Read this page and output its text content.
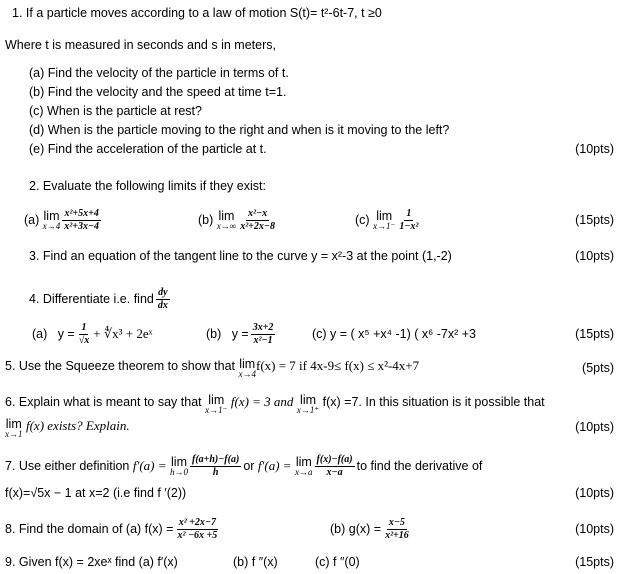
1. If a particle moves according to a law of motion S(t)= t²-6t-7, t ≥0
Where t is measured in seconds and s in meters,
(a) Find the velocity of the particle in terms of t.
(b) Find the velocity and the speed at time t=1.
(c) When is the particle at rest?
(d) When is the particle moving to the right and when is it moving to the left?
(e) Find the acceleration of the particle at t.	(10pts)
2. Evaluate the following limits if they exist:
(a)
lim
$x\to 4 \frac{\text{x²+5x+4}}{\text{x²+3x−4}}$	(b)
lim
$x\to\infty \frac{\text{x²−x}}{\text{x²+2x−8}}$	(c)
lim
$x\to 1^- \frac{1}{\text{1−x²}}$	(15pts)
3. Find an equation of the tangent line to the curve y = x²-3 at the point (1,-2)	(10pts)
4. Differentiate i.e. find $\frac{dy}{dx}$
(a)
$y = \frac{1}{√x}$ + ∜x³ + 2eˣ	(b)
$y = \frac{3x+2}{\text{x²−1}}$	(c) y = ( x⁵ +x⁴ -1) ( x⁶ -7x² +3	(15pts)
5. Use the Squeeze theorem to show that
lim
x→4
f(x) = 7 if 4x-9≤ f(x) ≤ x²-4x+7	(5pts)
6. Explain what is meant to say that
lim
x→1⁻

f(x) = 3 and
lim
x→1⁺

f(x) =7. In this situation is it possible that
lim
x→1

f(x) exists? Explain.	(10pts)
7. Use either definition
f′(a) =
lim
$h\to 0 \frac{f(a+h)-f(a)}{h}$ or
f′(a) =
lim
$x\to a \frac{f(x)-f(a)}{x-a}$ to find the derivative of
f(x)=√5x − 1 at x=2 (i.e find f ′(2))	(10pts)
8. Find the domain of (a) $f(x) = \frac{\text{x² +2x−7}}{\text{x² −6x +5}}$	(b) $g(x) = \frac{x-5}{\text{x²+16}}$	(10pts)
9. Given f(x) = 2xeˣ find (a) f′(x)	(b) f ″(x)	(c) f ″(0)	(15pts)
